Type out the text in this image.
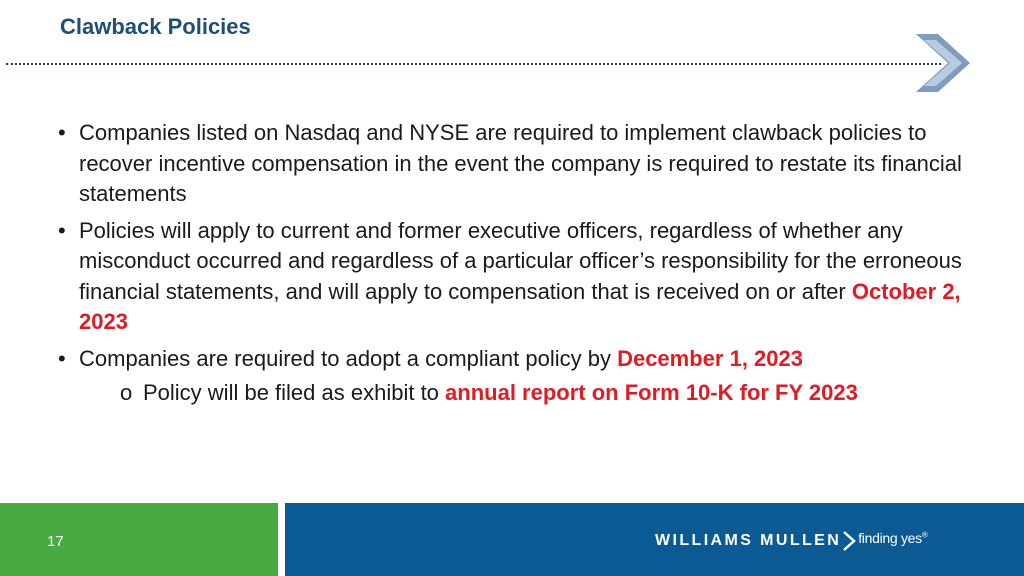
Clawback Policies
• Companies listed on Nasdaq and NYSE are required to implement clawback policies to recover incentive compensation in the event the company is required to restate its financial statements
• Policies will apply to current and former executive officers, regardless of whether any misconduct occurred and regardless of a particular officer’s responsibility for the erroneous financial statements, and will apply to compensation that is received on or after October 2, 2023
• Companies are required to adopt a compliant policy by December 1, 2023
o Policy will be filed as exhibit to annual report on Form 10-K for FY 2023
17	WILLIAMS MULLEN finding yes®
